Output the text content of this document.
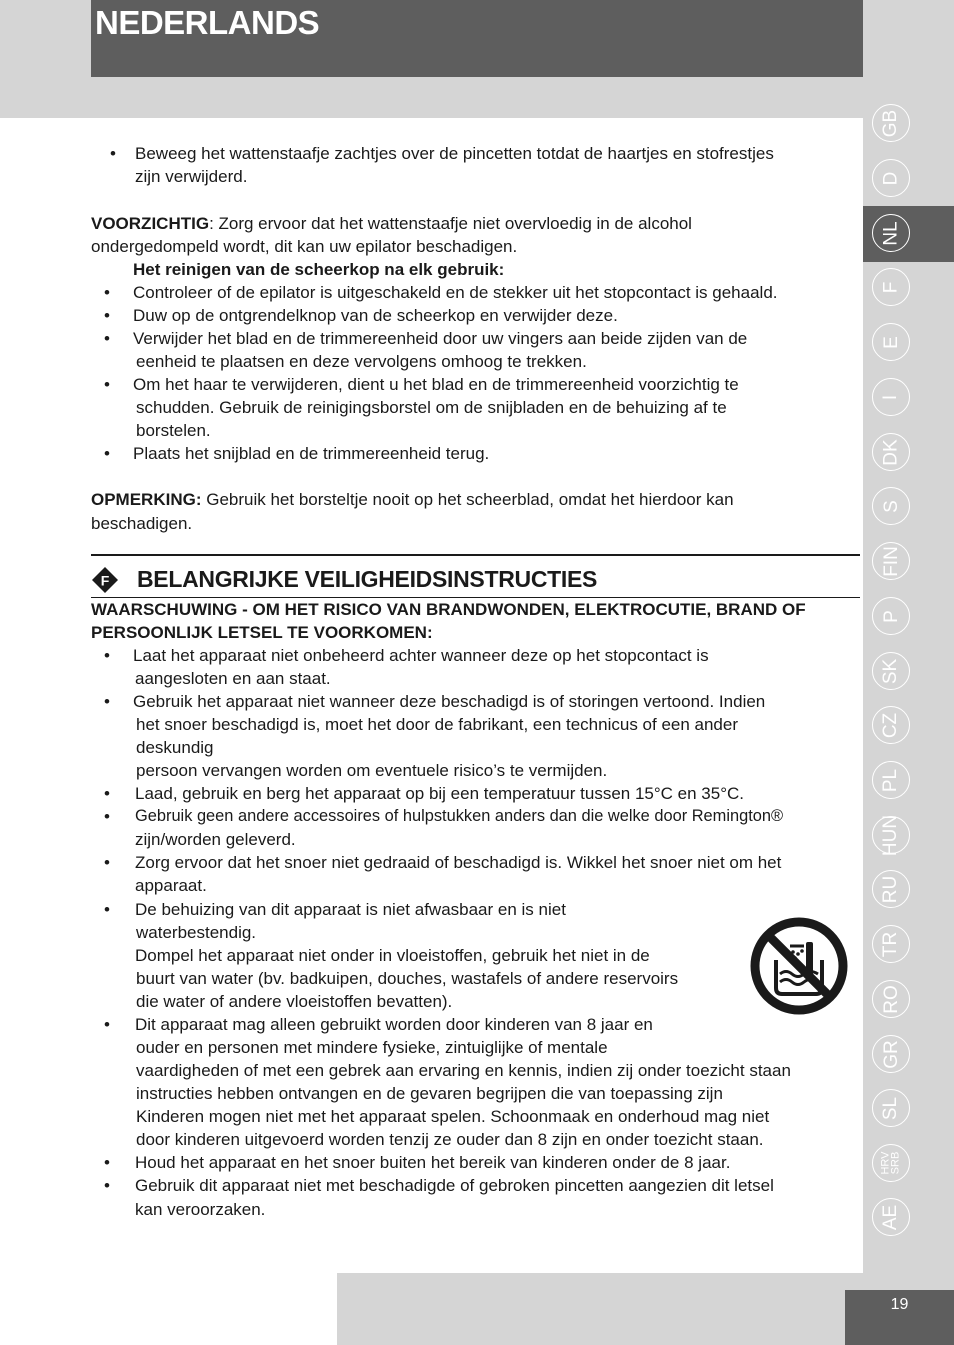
NEDERLANDS
GB
D
NL
F
E
I
DK
S
FIN
P
SK
CZ
PL
HUN
RU
TR
RO
GR
SL
HRV
SRB
AE
19
• Beweeg het wattenstaafje zachtjes over de pincetten totdat de haartjes en stofrestjes
zijn verwijderd.
VOORZICHTIG: Zorg ervoor dat het wattenstaafje niet overvloedig in de alcohol
ondergedompeld wordt, dit kan uw epilator beschadigen.
Het reinigen van de scheerkop na elk gebruik:
• Controleer of de epilator is uitgeschakeld en de stekker uit het stopcontact is gehaald.
• Duw op de ontgrendelknop van de scheerkop en verwijder deze.
• Verwijder het blad en de trimmereenheid door uw vingers aan beide zijden van de
eenheid te plaatsen en deze vervolgens omhoog te trekken.
• Om het haar te verwijderen, dient u het blad en de trimmereenheid voorzichtig te
schudden. Gebruik de reinigingsborstel om de snijbladen en de behuizing af te
borstelen.
• Plaats het snijblad en de trimmereenheid terug.
OPMERKING: Gebruik het borsteltje nooit op het scheerblad, omdat het hierdoor kan
beschadigen.
F BELANGRIJKE VEILIGHEIDSINSTRUCTIES
WAARSCHUWING - OM HET RISICO VAN BRANDWONDEN, ELEKTROCUTIE, BRAND OF
PERSOONLIJK LETSEL TE VOORKOMEN:
• Laat het apparaat niet onbeheerd achter wanneer deze op het stopcontact is
aangesloten en aan staat.
• Gebruik het apparaat niet wanneer deze beschadigd is of storingen vertoond. Indien
het snoer beschadigd is, moet het door de fabrikant, een technicus of een ander
deskundig
persoon vervangen worden om eventuele risico’s te vermijden.
• Laad, gebruik en berg het apparaat op bij een temperatuur tussen 15°C en 35°C.
• Gebruik geen andere accessoires of hulpstukken anders dan die welke door Remington®
zijn/worden geleverd.
• Zorg ervoor dat het snoer niet gedraaid of beschadigd is. Wikkel het snoer niet om het
apparaat.
• De behuizing van dit apparaat is niet afwasbaar en is niet
waterbestendig.
Dompel het apparaat niet onder in vloeistoffen, gebruik het niet in de
buurt van water (bv. badkuipen, douches, wastafels of andere reservoirs
die water of andere vloeistoffen bevatten).
• Dit apparaat mag alleen gebruikt worden door kinderen van 8 jaar en
ouder en personen met mindere fysieke, zintuiglijke of mentale
vaardigheden of met een gebrek aan ervaring en kennis, indien zij onder toezicht staan
instructies hebben ontvangen en de gevaren begrijpen die van toepassing zijn
Kinderen mogen niet met het apparaat spelen. Schoonmaak en onderhoud mag niet
door kinderen uitgevoerd worden tenzij ze ouder dan 8 zijn en onder toezicht staan.
• Houd het apparaat en het snoer buiten het bereik van kinderen onder de 8 jaar.
• Gebruik dit apparaat niet met beschadigde of gebroken pincetten aangezien dit letsel
kan veroorzaken.
